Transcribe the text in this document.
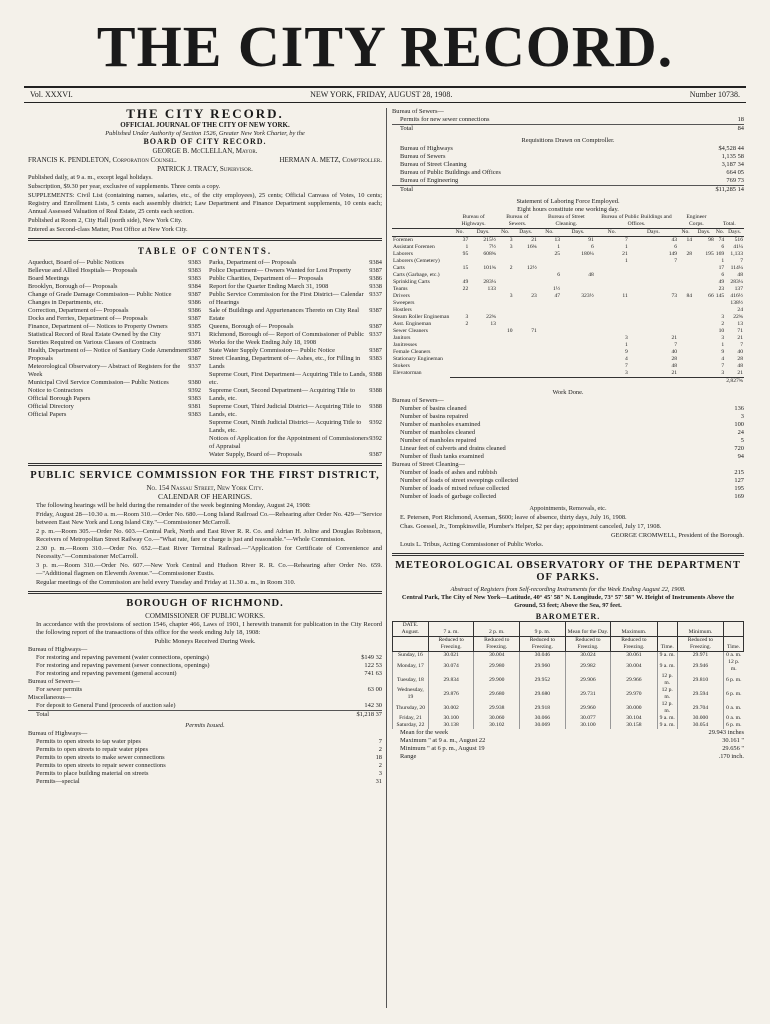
THE CITY RECORD.
Vol. XXXVI.	NEW YORK, FRIDAY, AUGUST 28, 1908.	Number 10738.
THE CITY RECORD.
OFFICIAL JOURNAL OF THE CITY OF NEW YORK.
Published Under Authority of Section 1526, Greater New York Charter, by the
BOARD OF CITY RECORD.
GEORGE B. McCLELLAN, Mayor.
FRANCIS K. PENDLETON, Corporation Counsel.	HERMAN A. METZ, Comptroller.
PATRICK J. TRACY, Supervisor.
Published daily, at 9 a. m., except legal holidays.
Subscription, $9.30 per year, exclusive of supplements. Three cents a copy.
SUPPLEMENTS: Civil List (containing names, salaries, etc., of the city employees), 25 cents; Official Canvass of Votes, 10 cents; Registry and Enrollment Lists, 5 cents each assembly district; Law Department and Finance Department supplements, 10 cents each; Annual Assessed Valuation of Real Estate, 25 cents each section.
Published at Room 2, City Hall (north side), New York City.
Entered as Second-class Matter, Post Office at New York City.
TABLE OF CONTENTS.
Aqueduct, Board of— Public Notices	9383
Bellevue and Allied Hospitals— Proposals	9383
Board Meetings	9383
Brooklyn, Borough of— Proposals	9384
Change of Grade Damage Commission— Public Notice	9387
Changes in Departments, etc.	9386
Correction, Department of— Proposals	9386
Docks and Ferries, Department of— Proposals	9387
Finance, Department of— Notices to Property Owners	9385
Statistical Record of Real Estate Owned by the City	9371
Sureties Required on Various Classes of Contracts	9386
Health, Department of— Notice of Sanitary Code Amendment 9387
Proposals	9387
Meteorological Observatory— Abstract of Registers for the Week
9337
Municipal Civil Service Commission— Public Notices	9380
Notice to Contractors	9392
Official Borough Papers	9383
Official Directory	9381
Official Papers	9383
Parks, Department of— Proposals	9384
Police Department— Owners Wanted for Lost Property	9387
Public Charities, Department of— Proposals	9386
Report for the Quarter Ending March 31, 1908	9338
Public Service Commission for the First District— Calendar of Hearings
9337
Sale of Buildings and Appurtenances Thereto on City Real Estate
9387
Queens, Borough of— Proposals	9387
Richmond, Borough of— Report of Commissioner of Public Works for the Week Ending July 18, 1908
9337
State Water Supply Commission— Public Notice	9387
Street Cleaning, Department of— Ashes, etc., for Filling in Lands
9383
Supreme Court, First Department— Acquiring Title to Lands, etc.
9388
Supreme Court, Second Department— Acquiring Title to Lands, etc.
9388
Supreme Court, Third Judicial District— Acquiring Title to Lands, etc.
9388
Supreme Court, Ninth Judicial District— Acquiring Title to Lands, etc.
9392
Notices of Application for the Appointment of Commissioners of Appraisal
9392
Water Supply, Board of— Proposals	9387
PUBLIC SERVICE COMMISSION FOR THE FIRST DISTRICT,
No. 154 Nassau Street, New York City.
CALENDAR OF HEARINGS.
The following hearings will be held during the remainder of the week beginning Monday, August 24, 1908:
Friday, August 28—10.30 a. m.—Room 310.—Order No. 680.—Long Island Railroad Co.—Rehearing after Order No. 429—"Service between East New York and Long Island City."—Commissioner McCarroll.
2 p. m.—Room 305.—Order No. 603.—Central Park, North and East River R. R. Co. and Adrian H. Joline and Douglas Robinson, Receivers of Metropolitan Street Railway Co.—"What rate, fare or charge is just and reasonable."—Whole Commission.
2.30 p. m.—Room 310.—Order No. 652.—East River Terminal Railroad.—"Application for Certificate of Convenience and Necessity."—Commissioner McCarroll.
3 p. m.—Room 310.—Order No. 607.—New York Central and Hudson River R. R. Co.—Rehearing after Order No. 659.—"Additional flagmen on Eleventh Avenue."—Commissioner Eustis.
Regular meetings of the Commission are held every Tuesday and Friday at 11.30 a. m., in Room 310.
BOROUGH OF RICHMOND.
COMMISSIONER OF PUBLIC WORKS.
In accordance with the provisions of section 1546, chapter 466, Laws of 1901, I herewith transmit for publication in the City Record the following report of the transactions of this office for the week ending July 18, 1908:
Public Moneys Received During Week.
Bureau of Highways—
For restoring and repaving pavement (water connections, openings)	$149 32
For restoring and repaving pavement (sewer connections, openings)	122 53
For restoring and repaving pavement (general account)	741 63
Bureau of Sewers—
For sewer permits	63 00
Miscellaneous—
For deposit to General Fund (proceeds of auction sale)	142 30
Total	$1,218 37
Permits Issued.
Bureau of Highways—
Permits to open streets to tap water pipes	7
Permits to open streets to repair water pipes	2
Permits to open streets to make sewer connections	18
Permits to open streets to repair sewer connections	2
Permits to place building material on streets	3
Permits—special	31
Bureau of Sewers—
Permits for new sewer connections	18
Total	84
Requisitions Drawn on Comptroller.
Bureau of Highways	$4,528 44
Bureau of Sewers	1,135 58
Bureau of Street Cleaning	3,187 34
Bureau of Public Buildings and Offices	664 05
Bureau of Engineering	769 73
Total	$11,285 14
Statement of Laboring Force Employed.
Eight hours constitute one working day.
	Bureau of Highways.		Bureau of Sewers.		Bureau of Street Cleaning.		Bureau of Public Buildings and Offices.		Engineer Corps.		Total.	
	No.	Days.	No.	Days.	No.	Days.	No.	Days.	No.	Days.	No.	Days.
Foremen	37	215½	3	21	13	91	7	43	14	98	74	516
Assistant Foremen	1	7½	3	16¾	1	6	1	6			6	41¼
Laborers	95	608¾			25	180¼	21	149	28	195	169	1,133
Laborers (Cemetery)							1	7			1	7
Carts	15	101¾	2	12½							17	114¼
Carts (Garbage, etc.)					6	48					6	48
Sprinkling Carts	49	283¼									49	283¼
Teams	22	133			1½						23	137
Drivers			3	23	47	323½	11	73	84	66	145	416½
Sweepers												138½
Hostlers												24
Steam Roller Engineman	3	22¾									3	22¾
Asst. Engineman	2	13									2	13
Sewer Cleaners			10	71							10	71
Janitors							3	21			3	21
Janitresses							1	7			1	7
Female Cleaners							9	40			9	40
Stationary Engineman							4	28			4	28
Stokers							7	48			7	48
Elevatorman							3	21			3	21
												2,827¾
Work Done.
Bureau of Sewers—
Number of basins cleaned	136
Number of basins repaired	3
Number of manholes examined	100
Number of manholes cleaned	24
Number of manholes repaired	5
Linear feet of culverts and drains cleaned	720
Number of flush tanks examined	94
Bureau of Street Cleaning—
Number of loads of ashes and rubbish	215
Number of loads of street sweepings collected	127
Number of loads of mixed refuse collected	195
Number of loads of garbage collected	169
Appointments, Removals, etc.
E. Petersen, Port Richmond, Axeman, $600; leave of absence, thirty days, July 16, 1908.
Chas. Goessel, Jr., Tompkinsville, Plumber's Helper, $2 per day; appointment canceled, July 17, 1908.
GEORGE CROMWELL, President of the Borough.
Louis L. Tribus, Acting Commissioner of Public Works.
METEOROLOGICAL OBSERVATORY OF THE DEPARTMENT OF PARKS.
Abstract of Registers from Self-recording Instruments for the Week Ending August 22, 1908.
Central Park, The City of New York—Latitude, 40° 45' 58" N. Longitude, 73° 57' 58" W. Height of Instruments Above the Ground, 53 feet; Above the Sea, 97 feet.
BAROMETER.
DATE. August.	7 a. m.	2 p. m.	9 p. m.	Mean for the Day.	Maximum.		Minimum.	
	Reduced to Freezing.	Reduced to Freezing.	Reduced to Freezing.	Reduced to Freezing.	Reduced to Freezing.	Time.	Reduced to Freezing.	Time.
Sunday, 16	30.021	30.004	30.046	30.024	30.061	9 a. m.	29.971	0 a. m.
Monday, 17	30.074	29.980	29.960	29.982	30.004	9 a. m.	29.946	12 p. m.
Tuesday, 18	29.834	29.900	29.952	29.906	29.966	12 p. m.	29.810	6 p. m.
Wednesday, 19	29.876	29.680	29.680	29.731	29.970	12 p. m.	29.594	6 p. m.
Thursday, 20	30.002	29.938	29.918	29.960	30.000	12 p. m.	29.704	0 a. m.
Friday, 21	30.100	30.060	30.066	30.077	30.104	9 a. m.	30.000	0 a. m.
Saturday, 22	30.138	30.102	30.069	30.100	30.158	9 a. m.	30.054	6 p. m.
Mean for the week	29.943 inches
Maximum " at 9 a. m., August 22	30.161 "
Minimum " at 6 p. m., August 19	29.656 "
Range	.170 inch.
